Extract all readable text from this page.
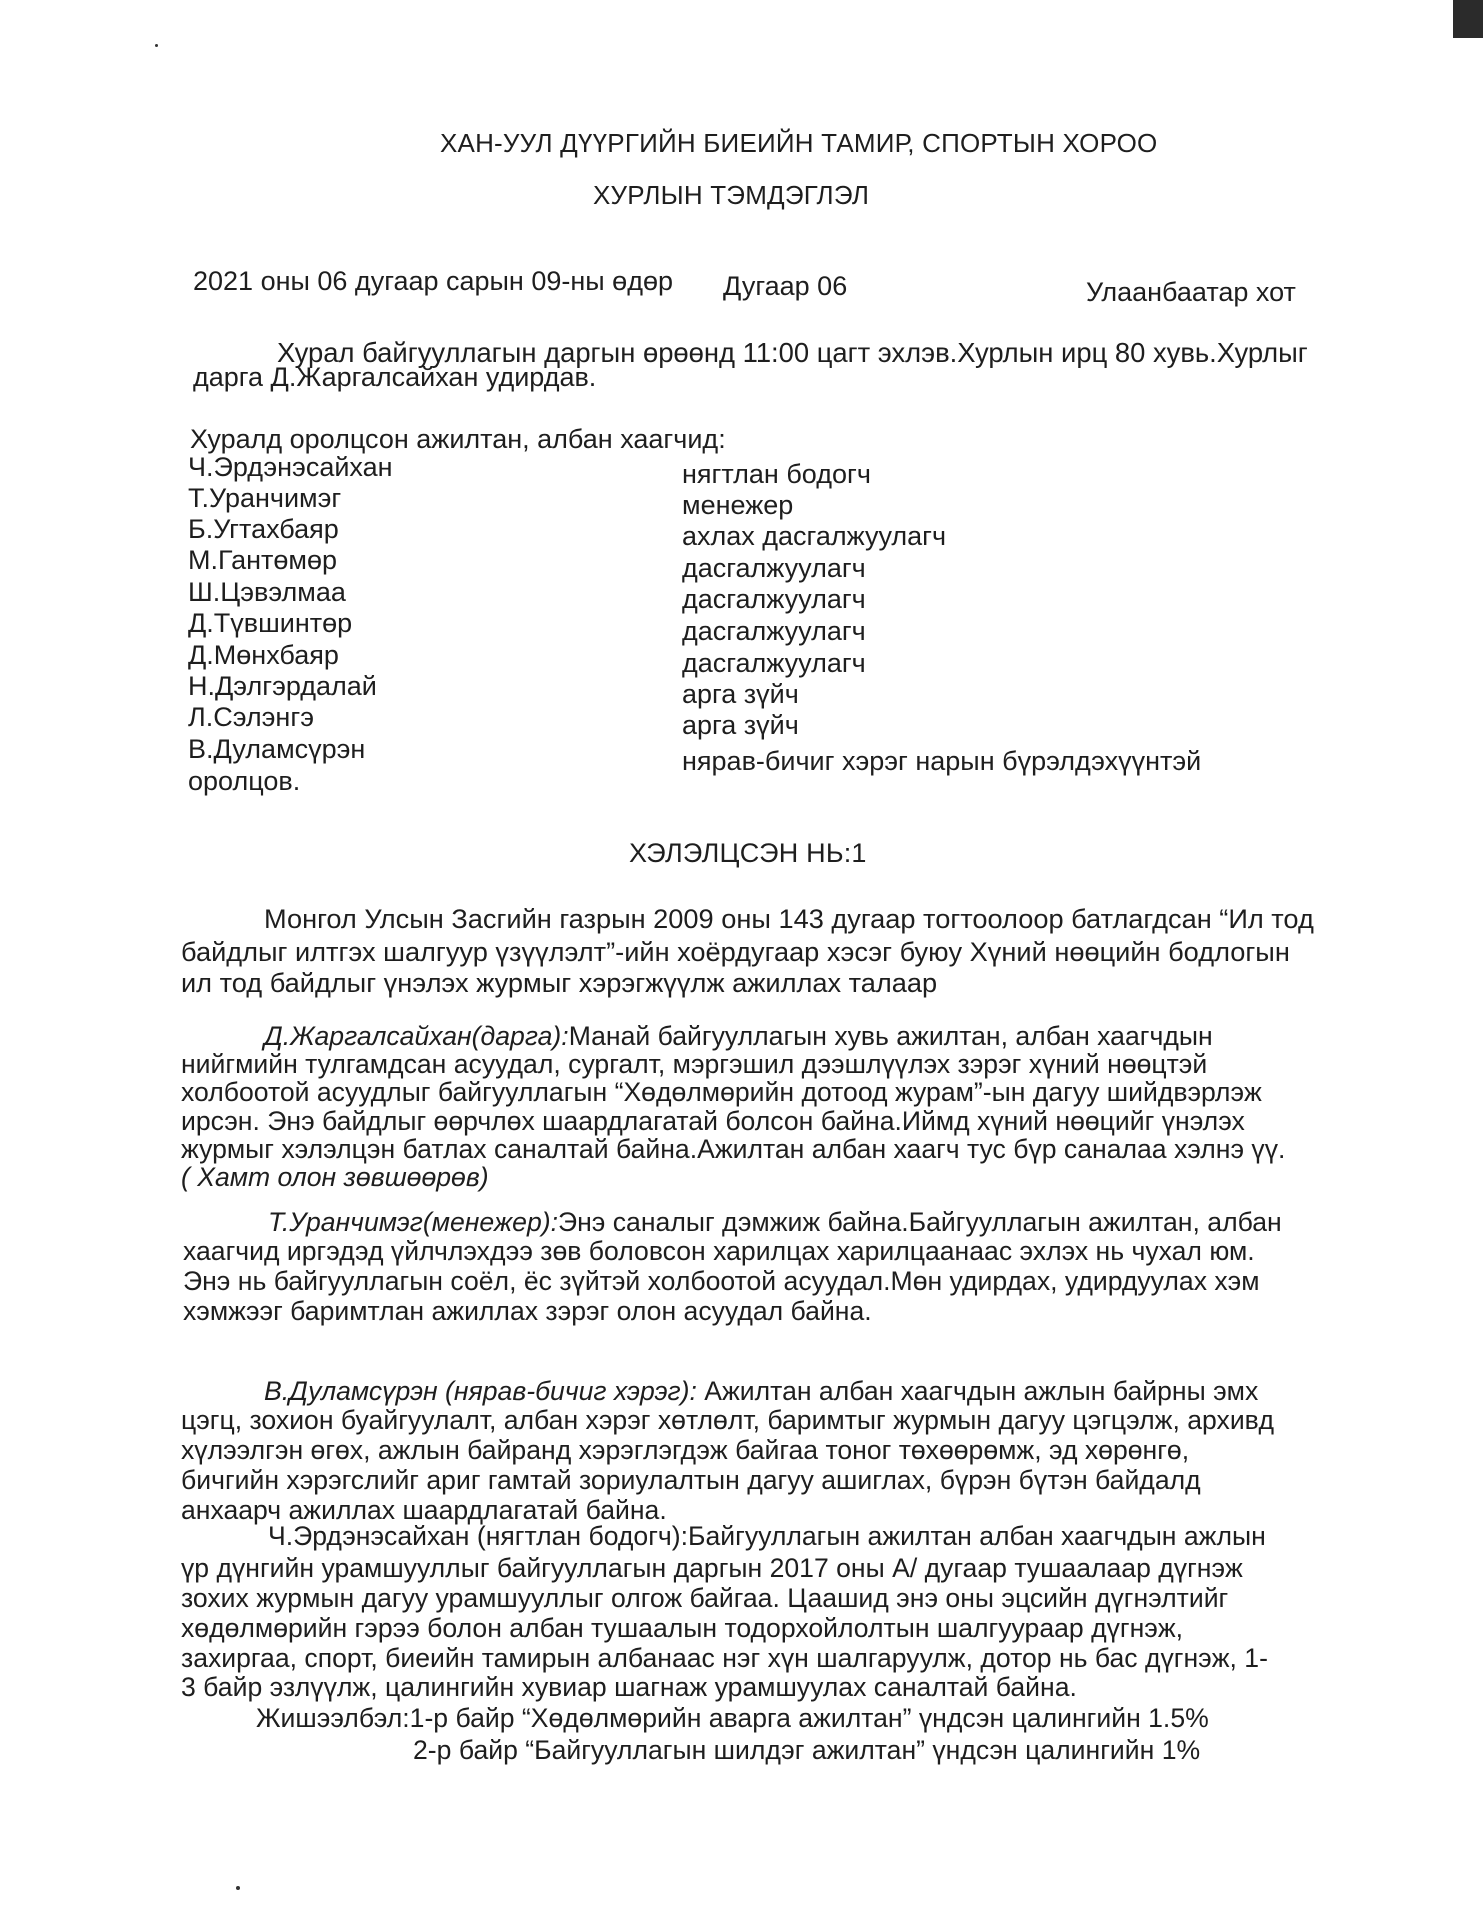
ХАН-УУЛ ДҮҮРГИЙН БИЕИЙН ТАМИР, СПОРТЫН ХОРОО
ХУРЛЫН ТЭМДЭГЛЭЛ
2021 оны 06 дугаар сарын 09-ны өдөр Дугаар 06	Улаанбаатар хот
Хурал байгууллагын даргын өрөөнд 11:00 цагт эхлэв.Хурлын ирц 80 хувь.Хурлыг
дарга Д.Жаргалсайхан удирдав.
Хуралд оролцсон ажилтан, албан хаагчид:
Ч.Эрдэнэсайхан	нягтлан бодогч
Т.Уранчимэг	менежер
Б.Угтахбаяр	ахлах дасгалжуулагч
М.Гантөмөр	дасгалжуулагч
Ш.Цэвэлмаа	дасгалжуулагч
Д.Түвшинтөр	дасгалжуулагч
Д.Мөнхбаяр	дасгалжуулагч
Н.Дэлгэрдалай	арга зүйч
Л.Сэлэнгэ	арга зүйч
В.Дуламсүрэн	нярав-бичиг хэрэг нарын бүрэлдэхүүнтэй
оролцов.
ХЭЛЭЛЦСЭН НЬ:1
Монгол Улсын Засгийн газрын 2009 оны 143 дугаар тогтоолоор батлагдсан “Ил тод
байдлыг илтгэх шалгуур үзүүлэлт”-ийн хоёрдугаар хэсэг буюу Хүний нөөцийн бодлогын
ил тод байдлыг үнэлэх журмыг хэрэгжүүлж ажиллах талаар
Д.Жаргалсайхан(дарга):Манай байгууллагын хувь ажилтан, албан хаагчдын
нийгмийн тулгамдсан асуудал, сургалт, мэргэшил дээшлүүлэх зэрэг хүний нөөцтэй
холбоотой асуудлыг байгууллагын “Хөдөлмөрийн дотоод журам”-ын дагуу шийдвэрлэж
ирсэн. Энэ байдлыг өөрчлөх шаардлагатай болсон байна.Иймд хүний нөөцийг үнэлэх
журмыг хэлэлцэн батлах саналтай байна.Ажилтан албан хаагч тус бүр саналаа хэлнэ үү.
( Хамт олон зөвшөөрөв)
Т.Уранчимэг(менежер):Энэ саналыг дэмжиж байна.Байгууллагын ажилтан, албан
хаагчид иргэдэд үйлчлэхдээ зөв боловсон харилцах харилцаанаас эхлэх нь чухал юм.
Энэ нь байгууллагын соёл, ёс зүйтэй холбоотой асуудал.Мөн удирдах, удирдуулах хэм
хэмжээг баримтлан ажиллах зэрэг олон асуудал байна.
В.Дуламсүрэн (нярав-бичиг хэрэг): Ажилтан албан хаагчдын ажлын байрны эмх
цэгц, зохион буайгуулалт, албан хэрэг хөтлөлт, баримтыг журмын дагуу цэгцэлж, архивд
хүлээлгэн өгөх, ажлын байранд хэрэглэгдэж байгаа тоног төхөөрөмж, эд хөрөнгө,
бичгийн хэрэгслийг ариг гамтай зориулалтын дагуу ашиглах, бүрэн бүтэн байдалд
анхаарч ажиллах шаардлагатай байна.
Ч.Эрдэнэсайхан (нягтлан бодогч):Байгууллагын ажилтан албан хаагчдын ажлын
үр дүнгийн урамшууллыг байгууллагын даргын 2017 оны А/ дугаар тушаалаар дүгнэж
зохих журмын дагуу урамшууллыг олгож байгаа. Цаашид энэ оны эцсийн дүгнэлтийг
хөдөлмөрийн гэрээ болон албан тушаалын тодорхойлолтын шалгуураар дүгнэж,
захиргаа, спорт, биеийн тамирын албанаас нэг хүн шалгаруулж, дотор нь бас дүгнэж, 1-
3 байр эзлүүлж, цалингийн хувиар шагнаж урамшуулах саналтай байна.
Жишээлбэл:1-р байр “Хөдөлмөрийн аварга ажилтан” үндсэн цалингийн 1.5%
2-р байр “Байгууллагын шилдэг ажилтан” үндсэн цалингийн 1%
